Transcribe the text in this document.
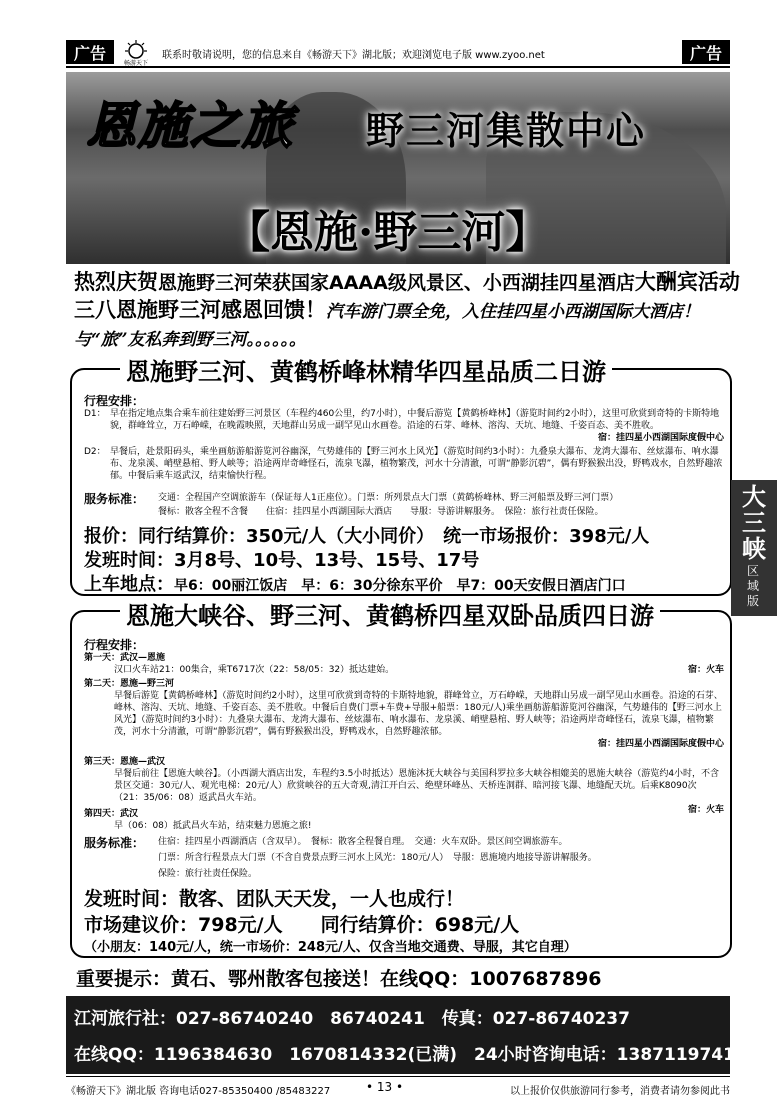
广告
畅游天下
联系时敬请说明，您的信息来自《畅游天下》湖北版；欢迎浏览电子版 www.zyoo.net	广告
恩施之旅 野三河集散中心
【恩施·野三河】
热烈庆贺恩施野三河荣获国家AAAA级风景区、小西湖挂四星酒店大酬宾活动
三八恩施野三河感恩回馈！汽车游门票全免，入住挂四星小西湖国际大酒店！与“旅”友私奔到野三河。。。。。。
恩施野三河、黄鹤桥峰林精华四星品质二日游
行程安排：
D1： 早在指定地点集合乘车前往建始野三河景区（车程约460公里，约7小时），中餐后游览【黄鹤桥峰林】（游览时间约2小时），这里可欣赏到奇特的卡斯特地貌，群峰耸立，万石峥嵘，在晚霞映照，天地群山另成一副罕见山水画卷。沿途的石芽、峰林、溶沟、天坑、地缝、千姿百态、美不胜收。
宿：挂四星小西湖国际度假中心
D2： 早餐后，赴景阳码头，乘坐画舫游船游览河谷幽深，气势雄伟的【野三河水上风光】（游览时间约3小时）：九叠泉大瀑布、龙湾大瀑布、丝炫瀑布、响水瀑布、龙泉溪、峭壁悬棺、野人峡等；沿途两岸奇峰怪石，流泉飞瀑，植物繁茂，河水十分清澈，可谓“静影沉碧”，偶有野猴猴出没，野鸭戏水，自然野趣浓郁。中餐后乘车返武汉，结束愉快行程。
服务标准： 交通：全程国产空调旅游车（保证每人1正座位）。门票：所列景点大门票（黄鹤桥峰林、野三河船票及野三河门票）
餐标：散客全程不含餐　　住宿：挂四星小西湖国际大酒店　　导服：导游讲解服务。　保险：旅行社责任保险。
报价：同行结算价：350元/人（大小同价）　统一市场报价：398元/人
发班时间：3月8号、10号、13号、15号、17号
上车地点：早6：00丽江饭店　早：6：30分徐东平价　早7：00天安假日酒店门口
大三峡
区域版
恩施大峡谷、野三河、黄鹤桥四星双卧品质四日游
行程安排：
第一天：武汉—恩施
汉口火车站21：00集合，乘T6717次（22：58/05：32）抵达建始。	宿：火车
第二天：恩施—野三河
早餐后游览【黄鹤桥峰林】（游览时间约2小时），这里可欣赏到奇特的卡斯特地貌，群峰耸立，万石峥嵘，天地群山另成一副罕见山水画卷。沿途的石芽、峰林、溶沟、天坑、地缝、千姿百态、美不胜收。中餐后自费(门票+车费+导服+船票：180元/人)乘坐画舫游船游览河谷幽深，气势雄伟的【野三河水上风光】（游览时间约3小时）：九叠泉大瀑布、龙湾大瀑布、丝炫瀑布、响水瀑布、龙泉溪、峭壁悬棺、野人峡等；沿途两岸奇峰怪石，流泉飞瀑，植物繁茂，河水十分清澈，可谓“静影沉碧”，偶有野猴猴出没，野鸭戏水，自然野趣浓郁。
宿：挂四星小西湖国际度假中心
第三天：恩施—武汉
早餐后前往【恩施大峡谷】。（小西湖大酒店出发，车程约3.5小时抵达）恩施沐抚大峡谷与美国科罗拉多大峡谷相媲美的恩施大峡谷（游览约4小时，不含景区交通：30元/人、观光电梯：20元/人）欣赏峡谷的五大奇观,清江开白云、绝壁环峰丛、天桥连洞群、暗河接飞瀑、地缝配天坑。后乘K8090次（21：35/06：08）返武昌火车站。
宿：火车
第四天：武汉
早（06：08）抵武昌火车站，结束魅力恩施之旅!
服务标准： 住宿：挂四星小西湖酒店（含双早）。　餐标：散客全程餐自理。　交通：火车双卧。景区间空调旅游车。
门票：所含行程景点大门票（不含自费景点野三河水上风光：180元/人）　导服：恩施境内地接导游讲解服务。
保险：旅行社责任保险。
发班时间：散客、团队天天发，一人也成行！
市场建议价：798元/人　　同行结算价：698元/人
（小朋友：140元/人，统一市场价：248元/人、仅含当地交通费、导服，其它自理）
重要提示：黄石、鄂州散客包接送！在线QQ：1007687896
江河旅行社：027-86740240　86740241　传真：027-86740237
在线QQ：1196384630　1670814332(已满)　24小时咨询电话：13871197411
《畅游天下》湖北版 咨询电话027-85350400 /85483227	• 13 •	以上报价仅供旅游同行参考，消费者请勿参阅此书
